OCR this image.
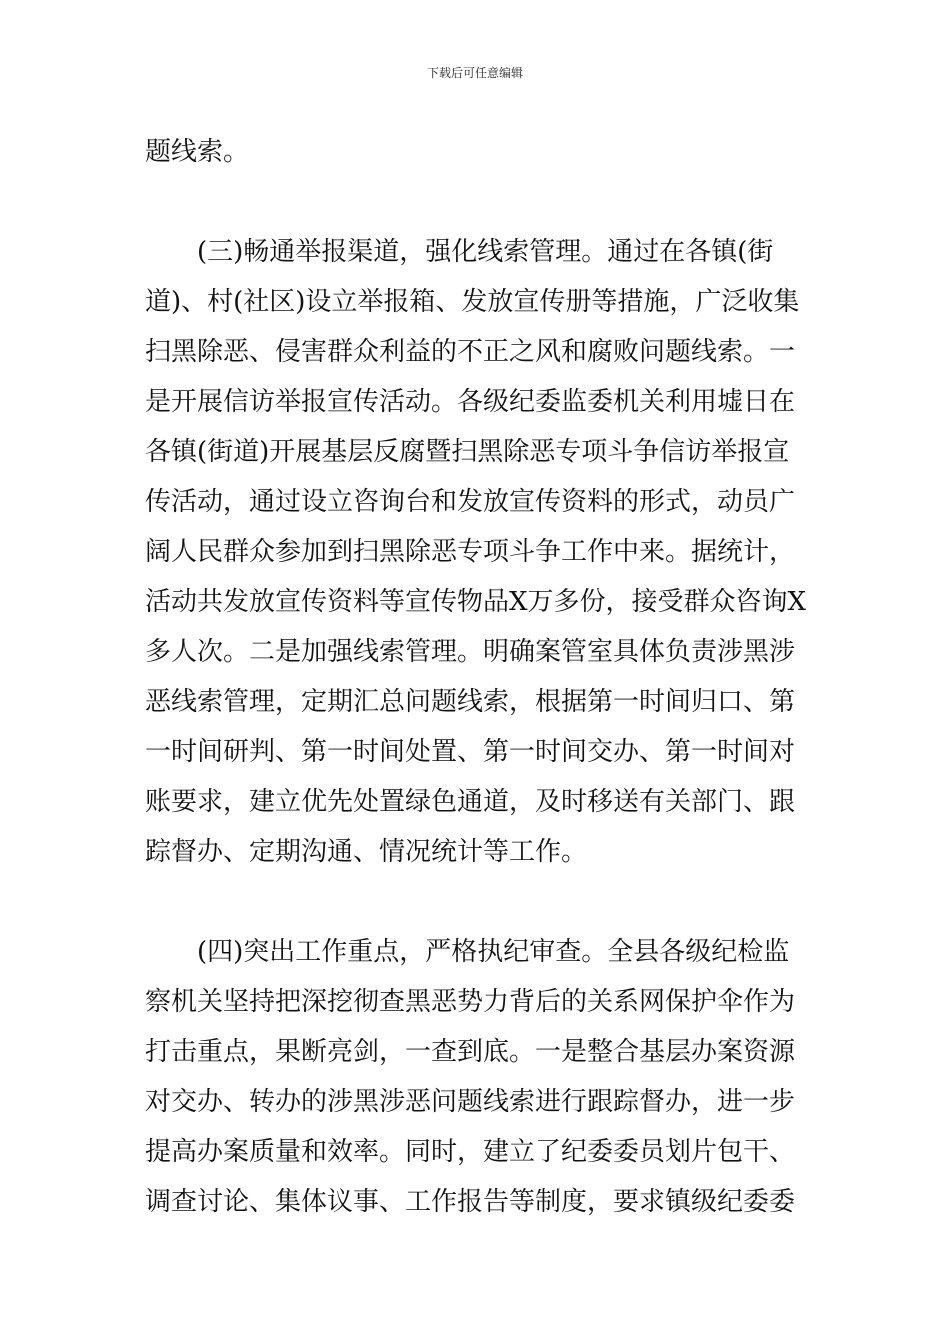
下载后可任意编辑
题线索。
　　(三)畅通举报渠道，强化线索管理。通过在各镇(街
道)、村(社区)设立举报箱、发放宣传册等措施，广泛收集
扫黑除恶、侵害群众利益的不正之风和腐败问题线索。一
是开展信访举报宣传活动。各级纪委监委机关利用墟日在
各镇(街道)开展基层反腐暨扫黑除恶专项斗争信访举报宣
传活动，通过设立咨询台和发放宣传资料的形式，动员广
阔人民群众参加到扫黑除恶专项斗争工作中来。据统计，
活动共发放宣传资料等宣传物品X万多份，接受群众咨询X
多人次。二是加强线索管理。明确案管室具体负责涉黑涉
恶线索管理，定期汇总问题线索，根据第一时间归口、第
一时间研判、第一时间处置、第一时间交办、第一时间对
账要求，建立优先处置绿色通道，及时移送有关部门、跟
踪督办、定期沟通、情况统计等工作。
　　(四)突出工作重点，严格执纪审查。全县各级纪检监
察机关坚持把深挖彻查黑恶势力背后的关系网保护伞作为
打击重点，果断亮剑，一查到底。一是整合基层办案资源
对交办、转办的涉黑涉恶问题线索进行跟踪督办，进一步
提高办案质量和效率。同时，建立了纪委委员划片包干、
调查讨论、集体议事、工作报告等制度，要求镇级纪委委
